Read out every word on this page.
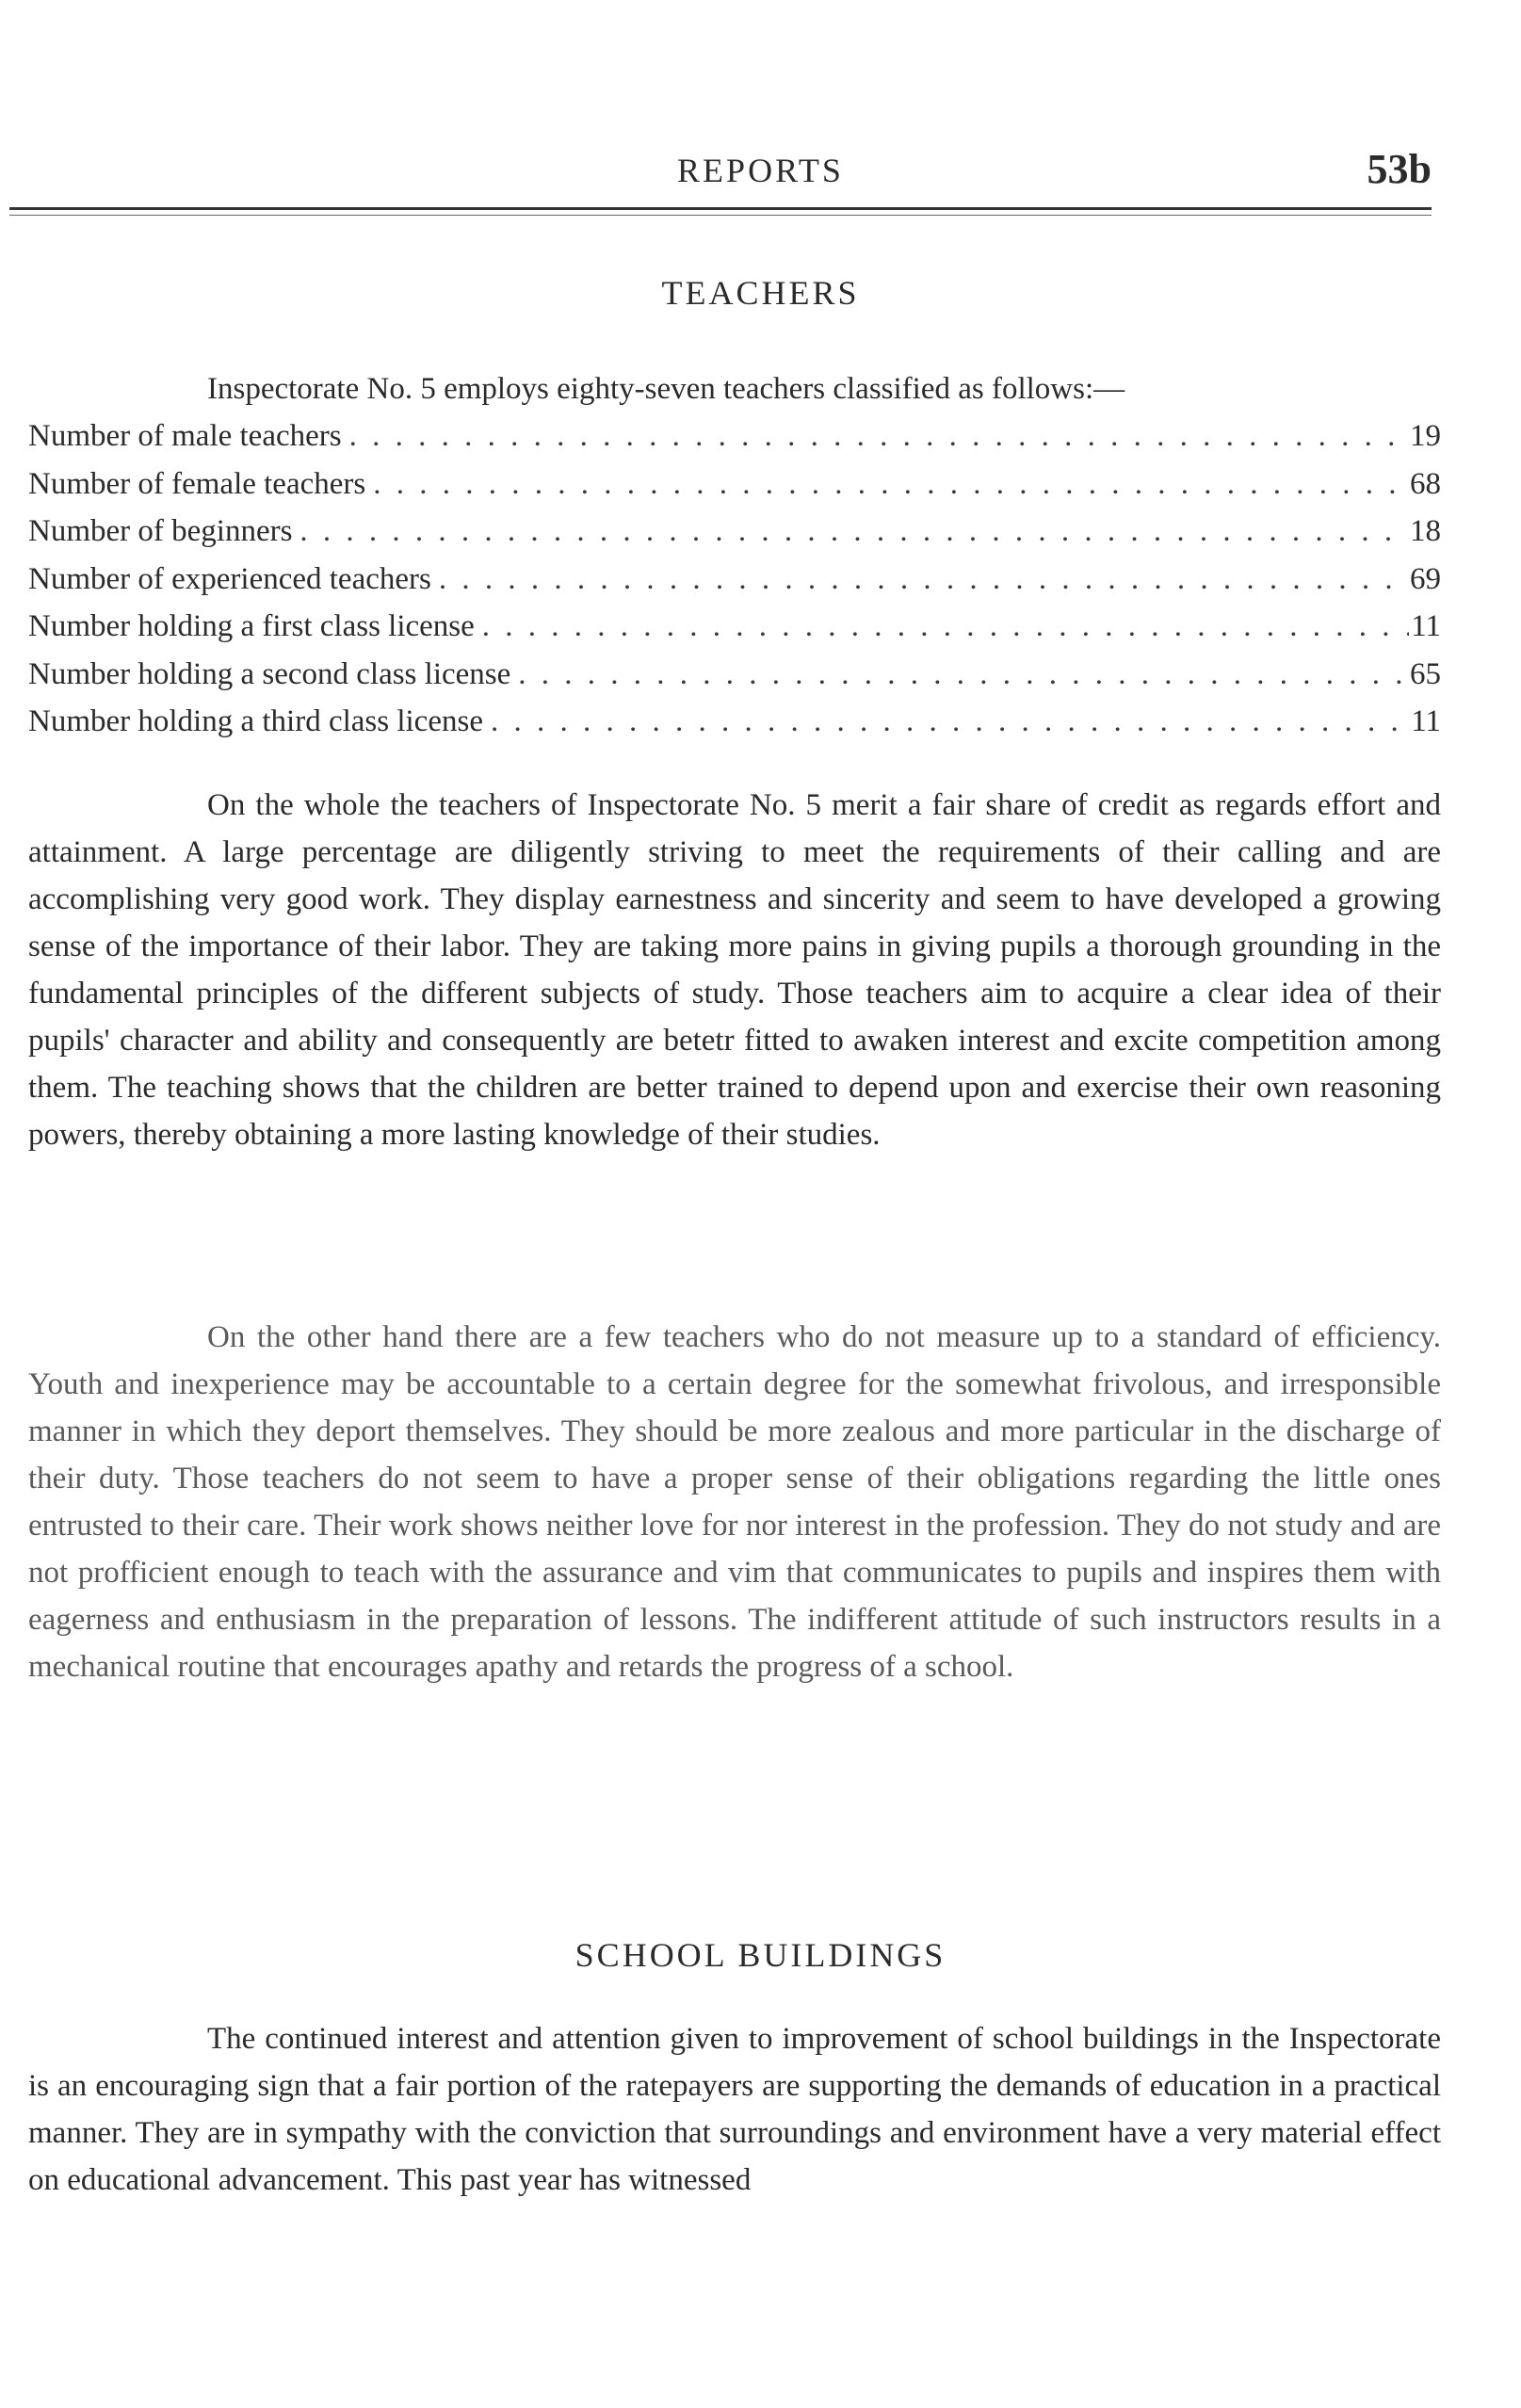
REPORTS	53b
TEACHERS
Inspectorate No. 5 employs eighty-seven teachers classified as follows:—
Number of male teachers . . .	19
Number of female teachers . . .	68
Number of beginners . . .	18
Number of experienced teachers . . .	69
Number holding a first class license . . .	11
Number holding a second class license . . .	65
Number holding a third class license . . .	11

On the whole the teachers of Inspectorate No. 5 merit a fair share of credit as regards effort and attainment. A large percentage are diligently striving to meet the requirements of their calling and are accomplishing very good work. They display earnestness and sincerity and seem to have developed a growing sense of the importance of their labor. They are taking more pains in giving pupils a thorough grounding in the fundamental principles of the different subjects of study. Those teachers aim to acquire a clear idea of their pupils' character and ability and consequently are betetr fitted to awaken interest and excite competition among them. The teaching shows that the children are better trained to depend upon and exercise their own reasoning powers, thereby obtaining a more lasting knowledge of their studies.

On the other hand there are a few teachers who do not measure up to a standard of efficiency. Youth and inexperience may be accountable to a certain degree for the somewhat frivolous, and irresponsible manner in which they deport themselves. They should be more zealous and more particular in the discharge of their duty. Those teachers do not seem to have a proper sense of their obligations regarding the little ones entrusted to their care. Their work shows neither love for nor interest in the profession. They do not study and are not profficient enough to teach with the assurance and vim that communicates to pupils and inspires them with eagerness and enthusiasm in the preparation of lessons. The indifferent attitude of such instructors results in a mechanical routine that encourages apathy and retards the progress of a school.

SCHOOL BUILDINGS

The continued interest and attention given to improvement of school buildings in the Inspectorate is an encouraging sign that a fair portion of the ratepayers are supporting the demands of education in a practical manner. They are in sympathy with the conviction that surroundings and environment have a very material effect on educational advancement. This past year has witnessed
